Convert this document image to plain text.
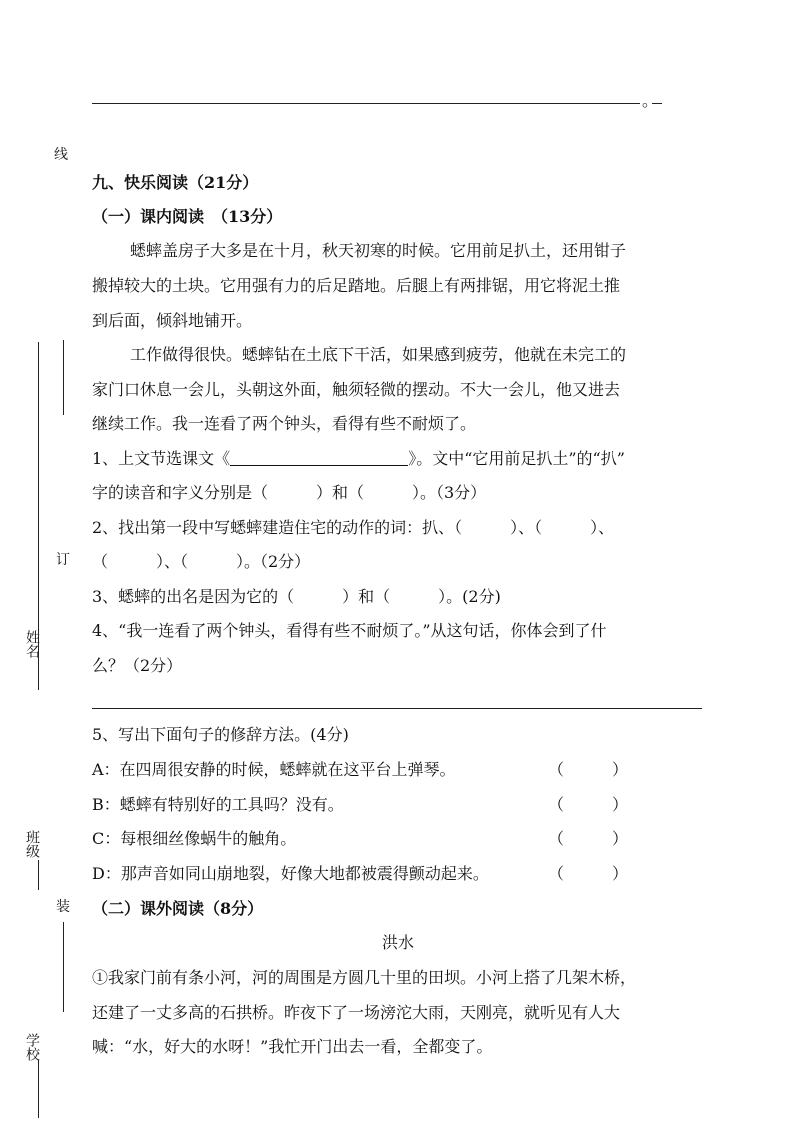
。
线
订
姓名
班级
装
学校
九、快乐阅读（21分）
（一）课内阅读　（13分）
蟋蟀盖房子大多是在十月，秋天初寒的时候。它用前足扒土，还用钳子
搬掉较大的土块。它用强有力的后足踏地。后腿上有两排锯，用它将泥土推
到后面，倾斜地铺开。
工作做得很快。蟋蟀钻在土底下干活，如果感到疲劳，他就在未完工的
家门口休息一会儿，头朝这外面，触须轻微的摆动。不大一会儿，他又进去
继续工作。我一连看了两个钟头，看得有些不耐烦了。
1、上文节选课文《	》。文中“它用前足扒土”的“扒”
字的读音和字义分别是（　　　）和（　　　）。（3分）
2、找出第一段中写蟋蟀建造住宅的动作的词：扒、（　　　）、（　　　）、
（　　　）、（　　　）。（2分）
3、蟋蟀的出名是因为它的（　　　）和（　　　）。(2分)
4、“我一连看了两个钟头，看得有些不耐烦了。”从这句话，你体会到了什
么？（2分）
5、写出下面句子的修辞方法。(4分)
A：在四周很安静的时候，蟋蟀就在这平台上弹琴。	（　　　）
B：蟋蟀有特别好的工具吗？没有。	（　　　）
C：每根细丝像蜗牛的触角。	（　　　）
D：那声音如同山崩地裂，好像大地都被震得颤动起来。	（　　　）
（二）课外阅读（8分）
洪水
①我家门前有条小河，河的周围是方圆几十里的田坝。小河上搭了几架木桥，
还建了一丈多高的石拱桥。昨夜下了一场滂沱大雨，天刚亮，就听见有人大
喊：“水，好大的水呀！”我忙开门出去一看，全都变了。
